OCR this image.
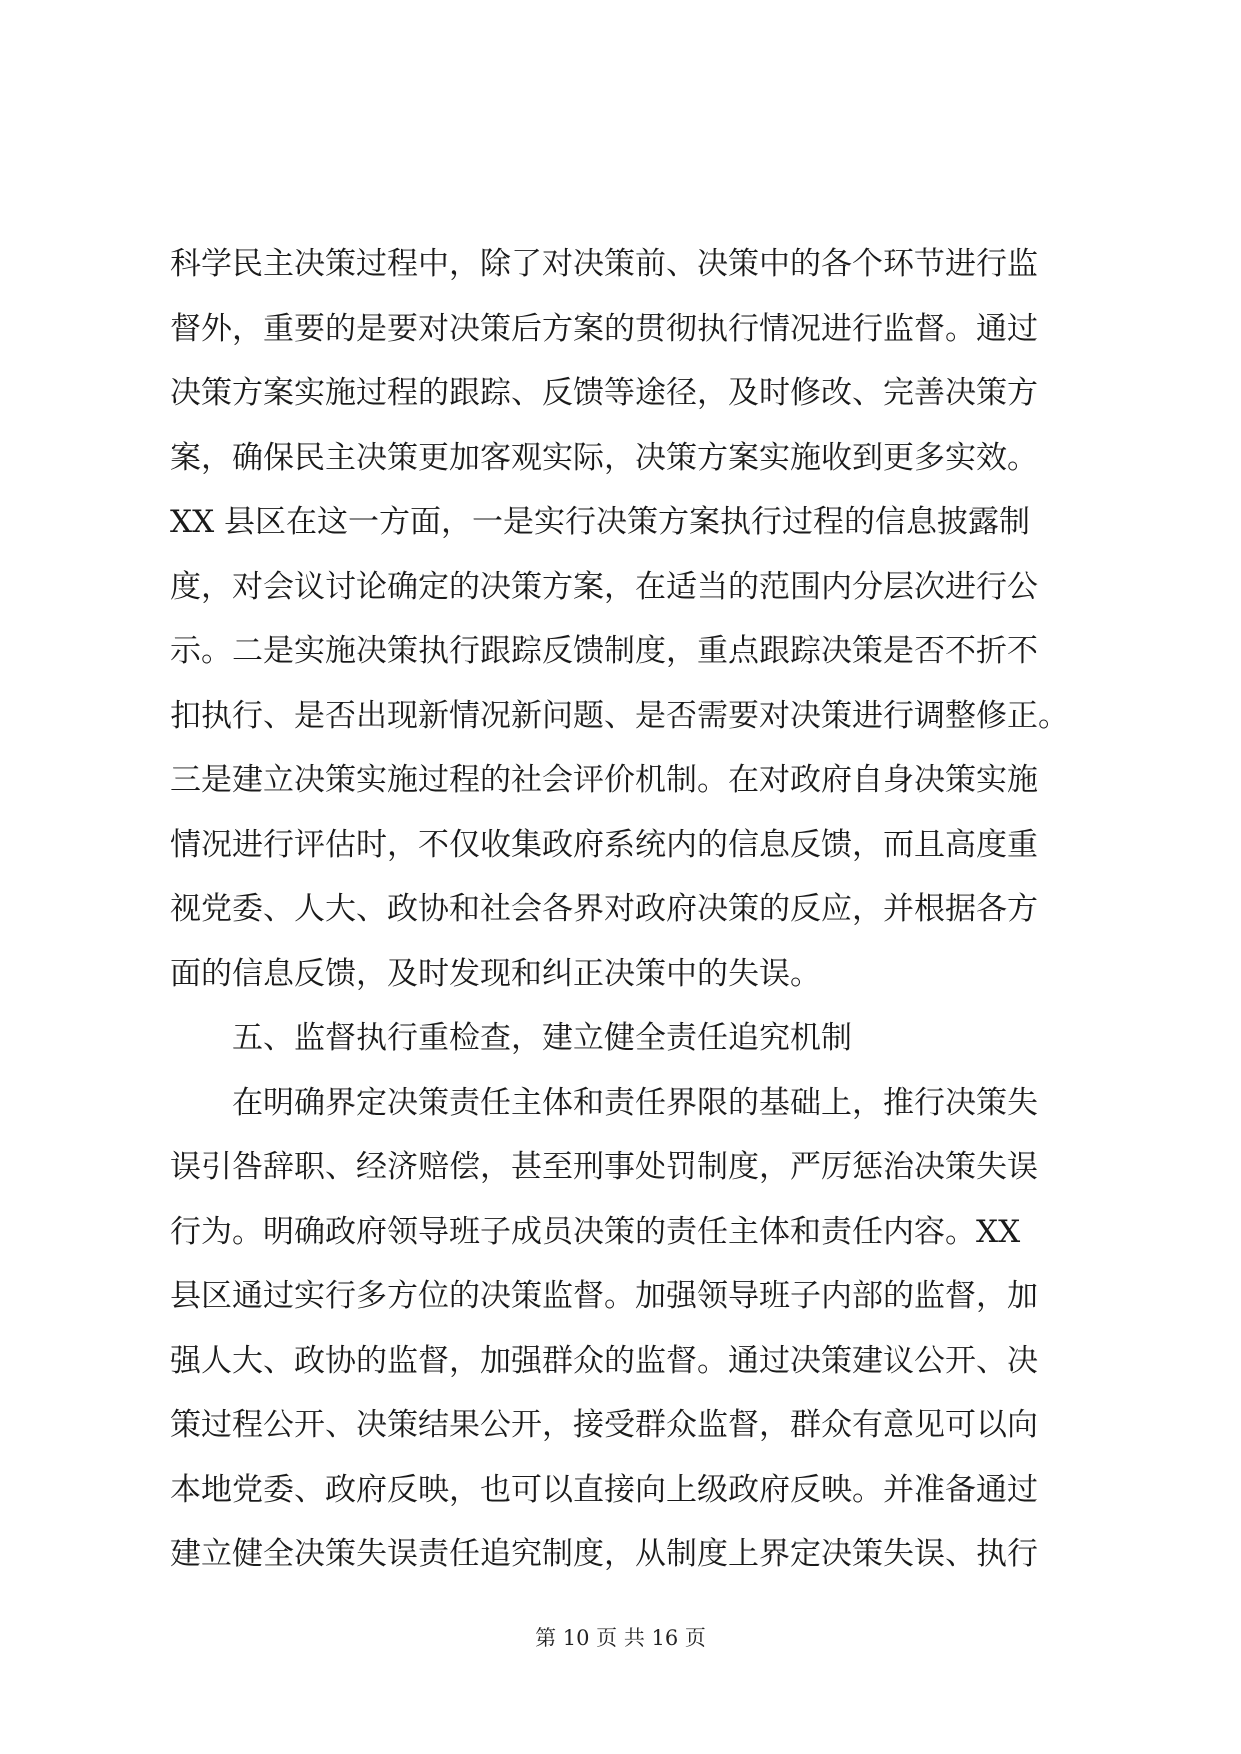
科学民主决策过程中，除了对决策前、决策中的各个环节进行监
督外，重要的是要对决策后方案的贯彻执行情况进行监督。通过
决策方案实施过程的跟踪、反馈等途径，及时修改、完善决策方
案，确保民主决策更加客观实际，决策方案实施收到更多实效。
XX 县区在这一方面，一是实行决策方案执行过程的信息披露制
度，对会议讨论确定的决策方案，在适当的范围内分层次进行公
示。二是实施决策执行跟踪反馈制度，重点跟踪决策是否不折不
扣执行、是否出现新情况新问题、是否需要对决策进行调整修正。
三是建立决策实施过程的社会评价机制。在对政府自身决策实施
情况进行评估时，不仅收集政府系统内的信息反馈，而且高度重
视党委、人大、政协和社会各界对政府决策的反应，并根据各方
面的信息反馈，及时发现和纠正决策中的失误。
五、监督执行重检查，建立健全责任追究机制
在明确界定决策责任主体和责任界限的基础上，推行决策失
误引咎辞职、经济赔偿，甚至刑事处罚制度，严厉惩治决策失误
行为。明确政府领导班子成员决策的责任主体和责任内容。XX
县区通过实行多方位的决策监督。加强领导班子内部的监督，加
强人大、政协的监督，加强群众的监督。通过决策建议公开、决
策过程公开、决策结果公开，接受群众监督，群众有意见可以向
本地党委、政府反映，也可以直接向上级政府反映。并准备通过
建立健全决策失误责任追究制度，从制度上界定决策失误、执行
第 10 页 共 16 页
